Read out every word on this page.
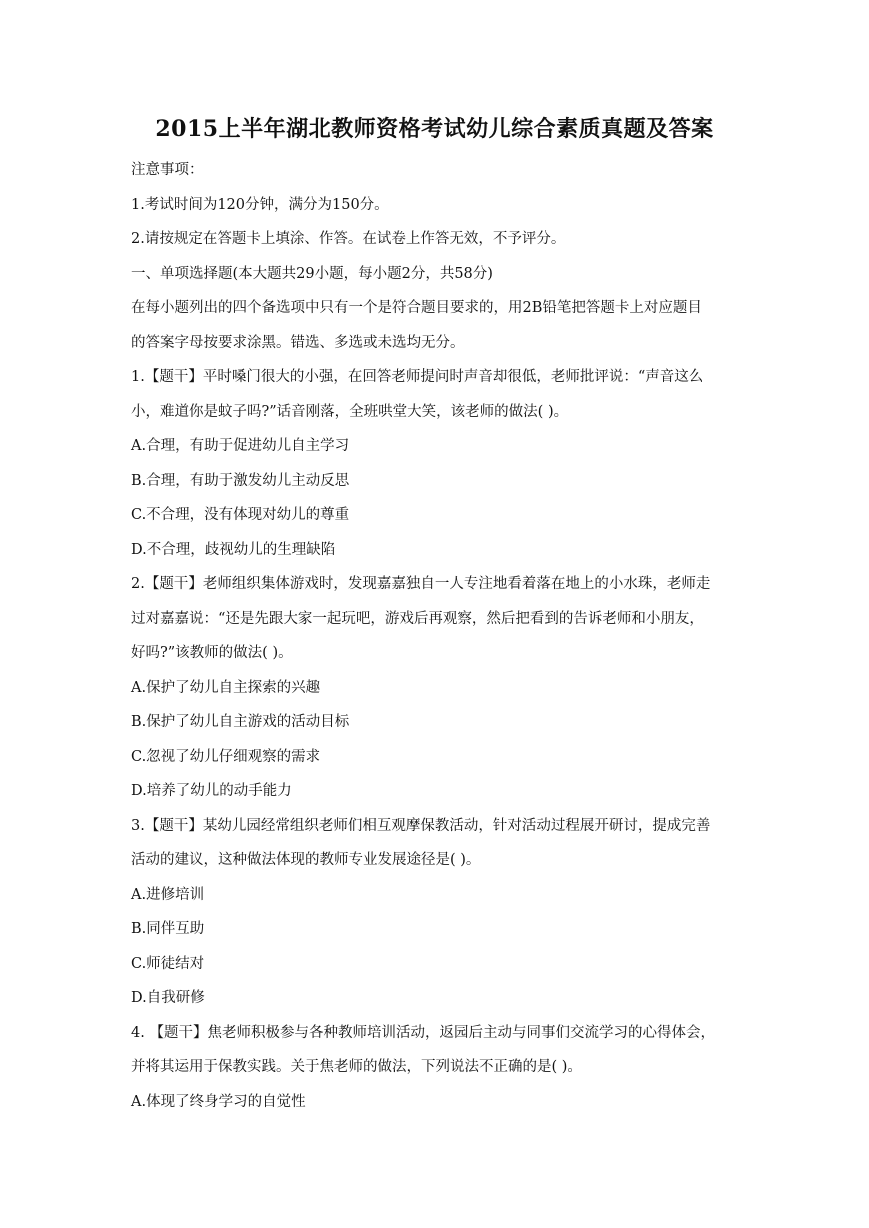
2015上半年湖北教师资格考试幼儿综合素质真题及答案
注意事项：
1.考试时间为120分钟，满分为150分。
2.请按规定在答题卡上填涂、作答。在试卷上作答无效，不予评分。
一、单项选择题(本大题共29小题，每小题2分，共58分)
在每小题列出的四个备选项中只有一个是符合题目要求的，用2B铅笔把答题卡上对应题目
的答案字母按要求涂黑。错选、多选或未选均无分。
1.【题干】平时嗓门很大的小强，在回答老师提问时声音却很低，老师批评说：“声音这么
小，难道你是蚊子吗?”话音刚落，全班哄堂大笑，该老师的做法( )。
A.合理，有助于促进幼儿自主学习
B.合理，有助于激发幼儿主动反思
C.不合理，没有体现对幼儿的尊重
D.不合理，歧视幼儿的生理缺陷
2.【题干】老师组织集体游戏时，发现嘉嘉独自一人专注地看着落在地上的小水珠，老师走
过对嘉嘉说：“还是先跟大家一起玩吧，游戏后再观察，然后把看到的告诉老师和小朋友，
好吗?”该教师的做法( )。
A.保护了幼儿自主探索的兴趣
B.保护了幼儿自主游戏的活动目标
C.忽视了幼儿仔细观察的需求
D.培养了幼儿的动手能力
3.【题干】某幼儿园经常组织老师们相互观摩保教活动，针对活动过程展开研讨，提成完善
活动的建议，这种做法体现的教师专业发展途径是( )。
A.进修培训
B.同伴互助
C.师徒结对
D.自我研修
4. 【题干】焦老师积极参与各种教师培训活动，返园后主动与同事们交流学习的心得体会，
并将其运用于保教实践。关于焦老师的做法，下列说法不正确的是( )。
A.体现了终身学习的自觉性
